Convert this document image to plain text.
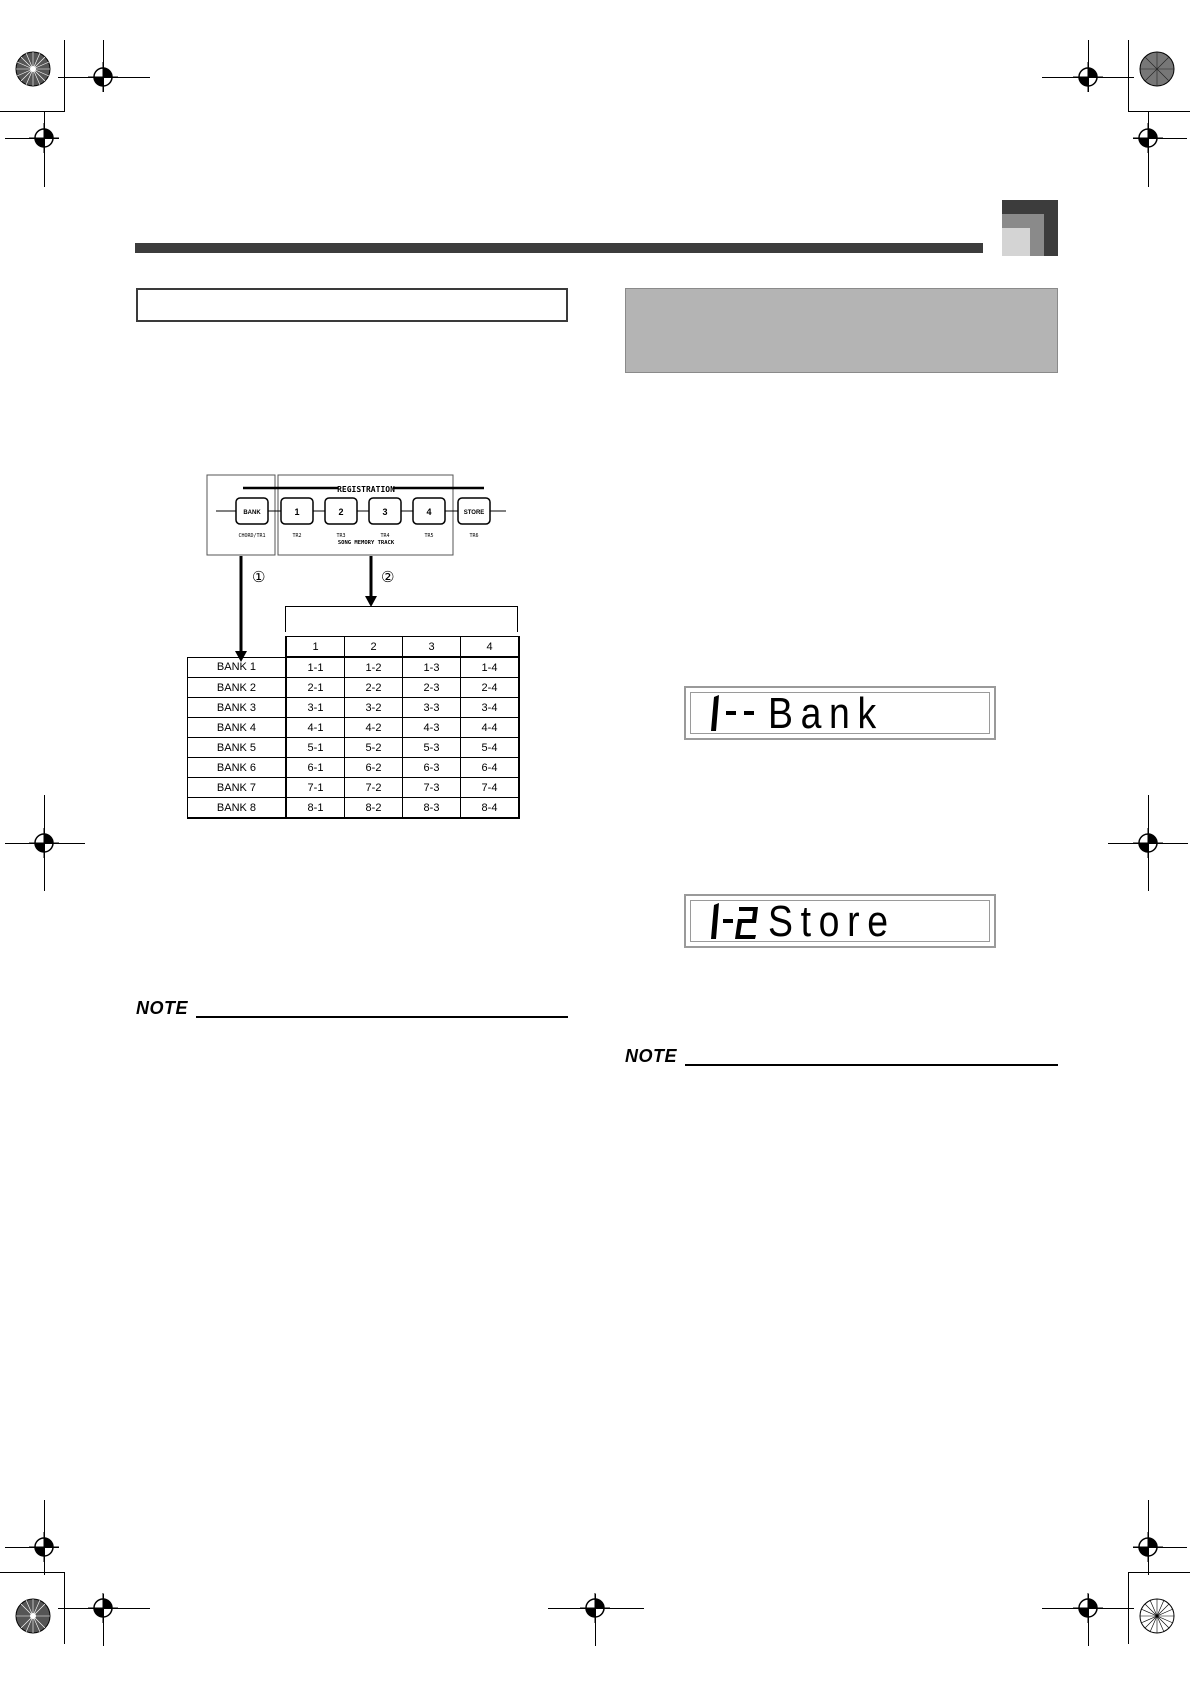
REGISTRATION
BANK	1	2	3	4	STORE
CHORD/TR1	TR2	TR3	TR4	TR5	TR6
SONG MEMORY TRACK
①	②
	1	2	3	4
BANK 1	1-1	1-2	1-3	1-4
BANK 2	2-1	2-2	2-3	2-4
BANK 3	3-1	3-2	3-3	3-4
BANK 4	4-1	4-2	4-3	4-4
BANK 5	5-1	5-2	5-3	5-4
BANK 6	6-1	6-2	6-3	6-4
BANK 7	7-1	7-2	7-3	7-4
BANK 8	8-1	8-2	8-3	8-4
NOTE
NOTE
Bank
Store
